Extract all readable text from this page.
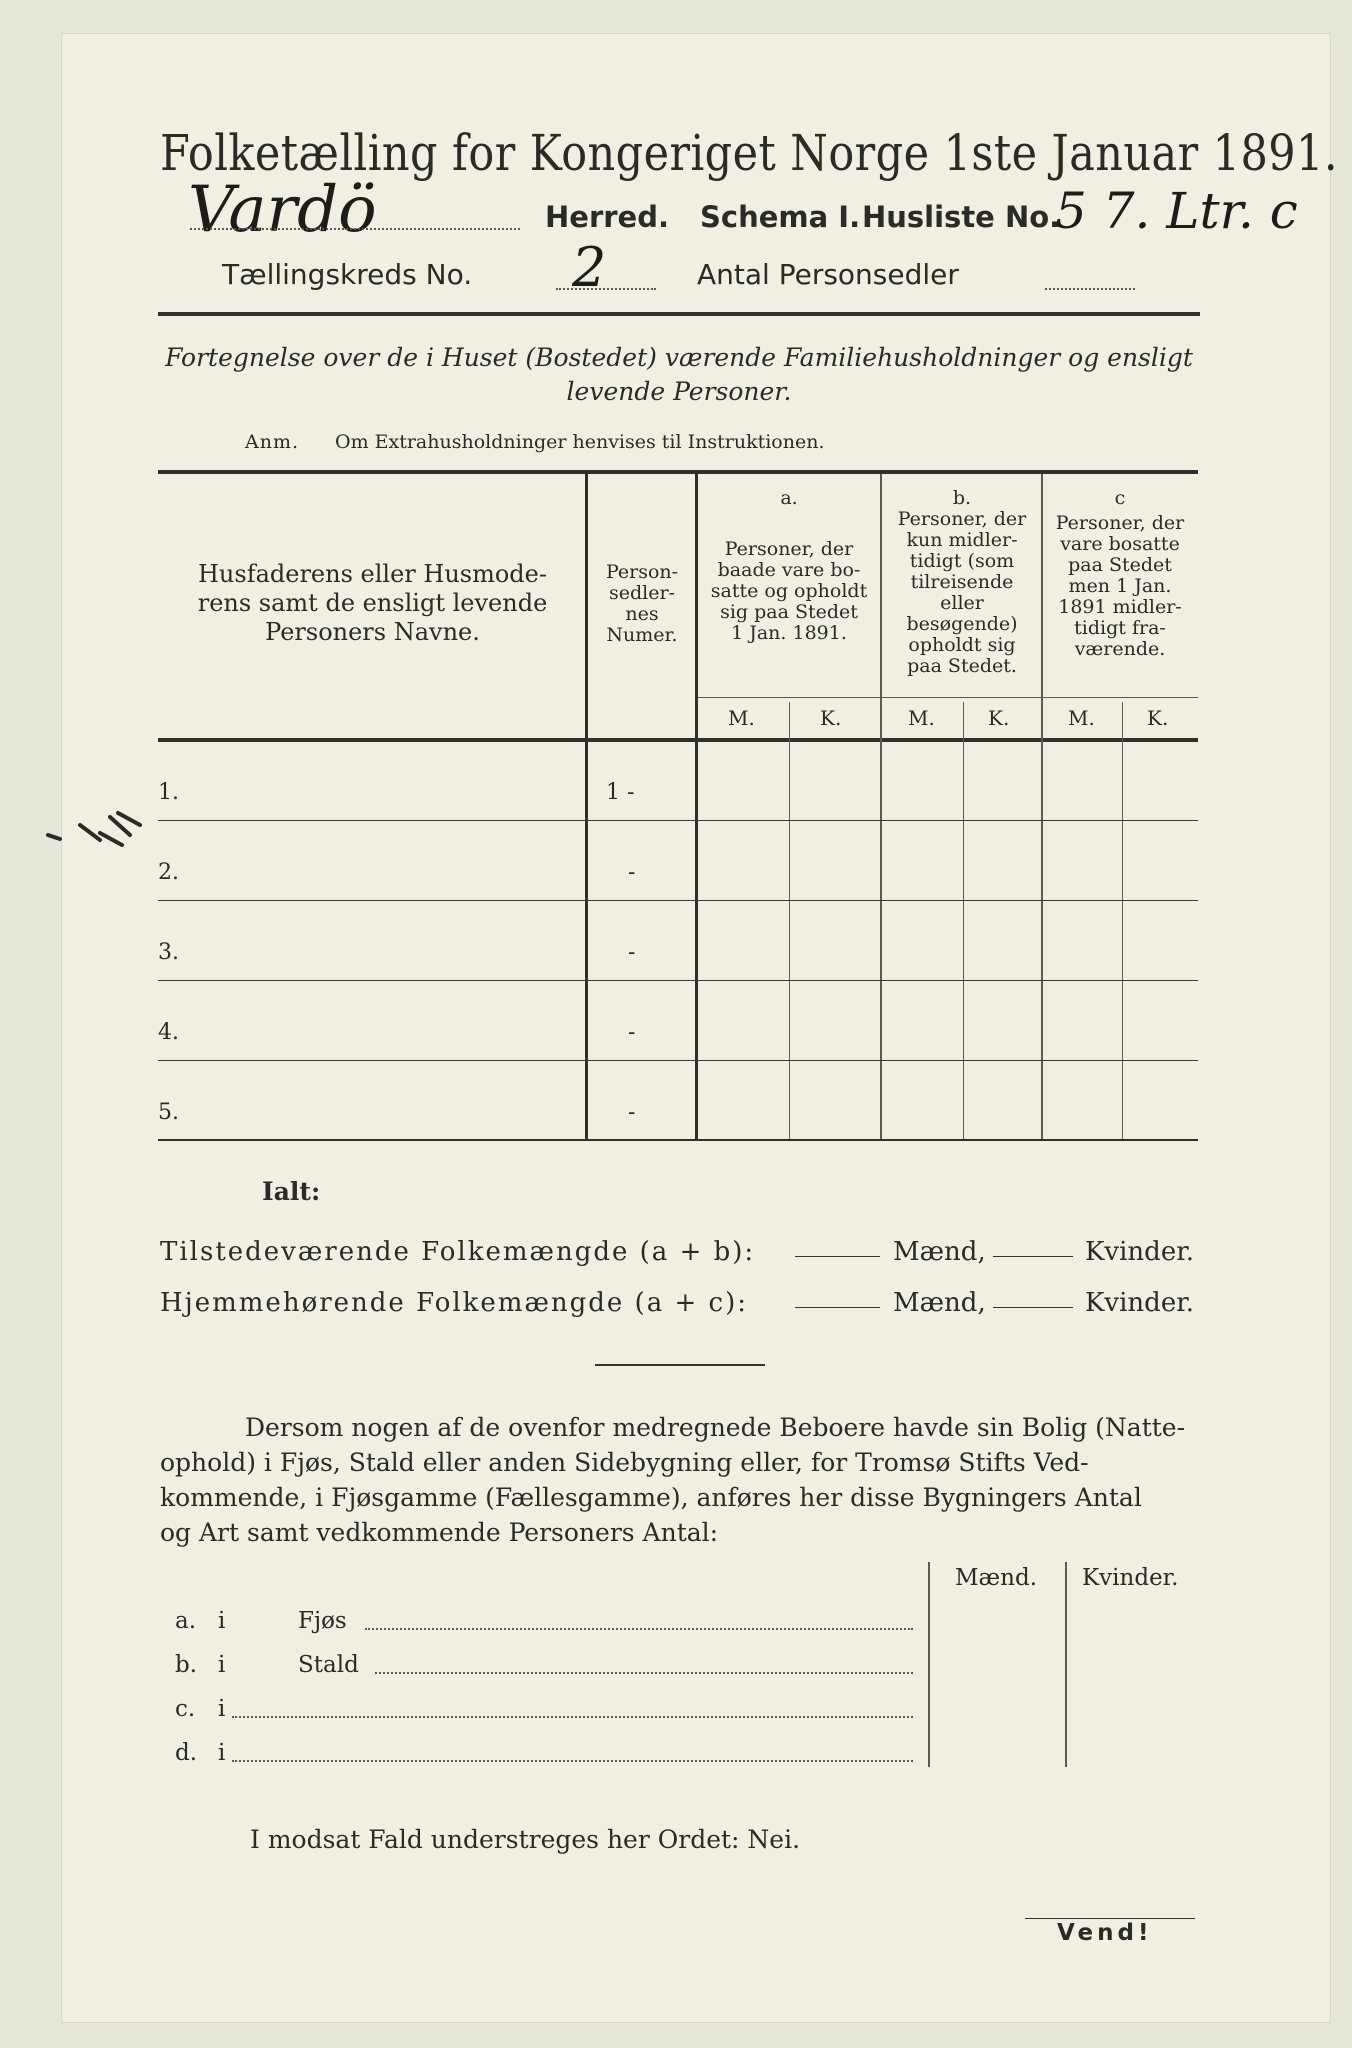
Folketælling for Kongeriget Norge 1ste Januar 1891.
Vardö	Herred. Schema I. Husliste No.
5 7. Ltr. c
Tællingskreds No. 2	Antal Personsedler
Fortegnelse over de i Huset (Bostedet) værende Familiehusholdninger og ensligt
levende Personer.
Anm. Om Extrahusholdninger henvises til Instruktionen.
Husfaderens eller Husmode-
rens samt de ensligt levende
Personers Navne.
Person-
sedler-
nes
Numer.
a.
Personer, der
baade vare bo-
satte og opholdt
sig paa Stedet
1 Jan. 1891.
b.
Personer, der
kun midler-
tidigt (som
tilreisende
eller
besøgende)
opholdt sig
paa Stedet.
c
Personer, der
vare bosatte
paa Stedet
men 1 Jan.
1891 midler-
tidigt fra-
værende.
M.	K.	M.	K.	M.	K.
1.	1 -
2.	-
3.	-
4.	-
5.	-
Ialt:
Tilstedeværende Folkemængde (a + b):	Mænd,	Kvinder.
Hjemmehørende Folkemængde (a + c):	Mænd,	Kvinder.
Dersom nogen af de ovenfor medregnede Beboere havde sin Bolig (Natte-
ophold) i Fjøs, Stald eller anden Sidebygning eller, for Tromsø Stifts Ved-
kommende, i Fjøsgamme (Fællesgamme), anføres her disse Bygningers Antal
og Art samt vedkommende Personers Antal:
Mænd. Kvinder.
a. i	Fjøs
b. i	Stald
c. i
d. i
I modsat Fald understreges her Ordet: Nei.
Vend!
